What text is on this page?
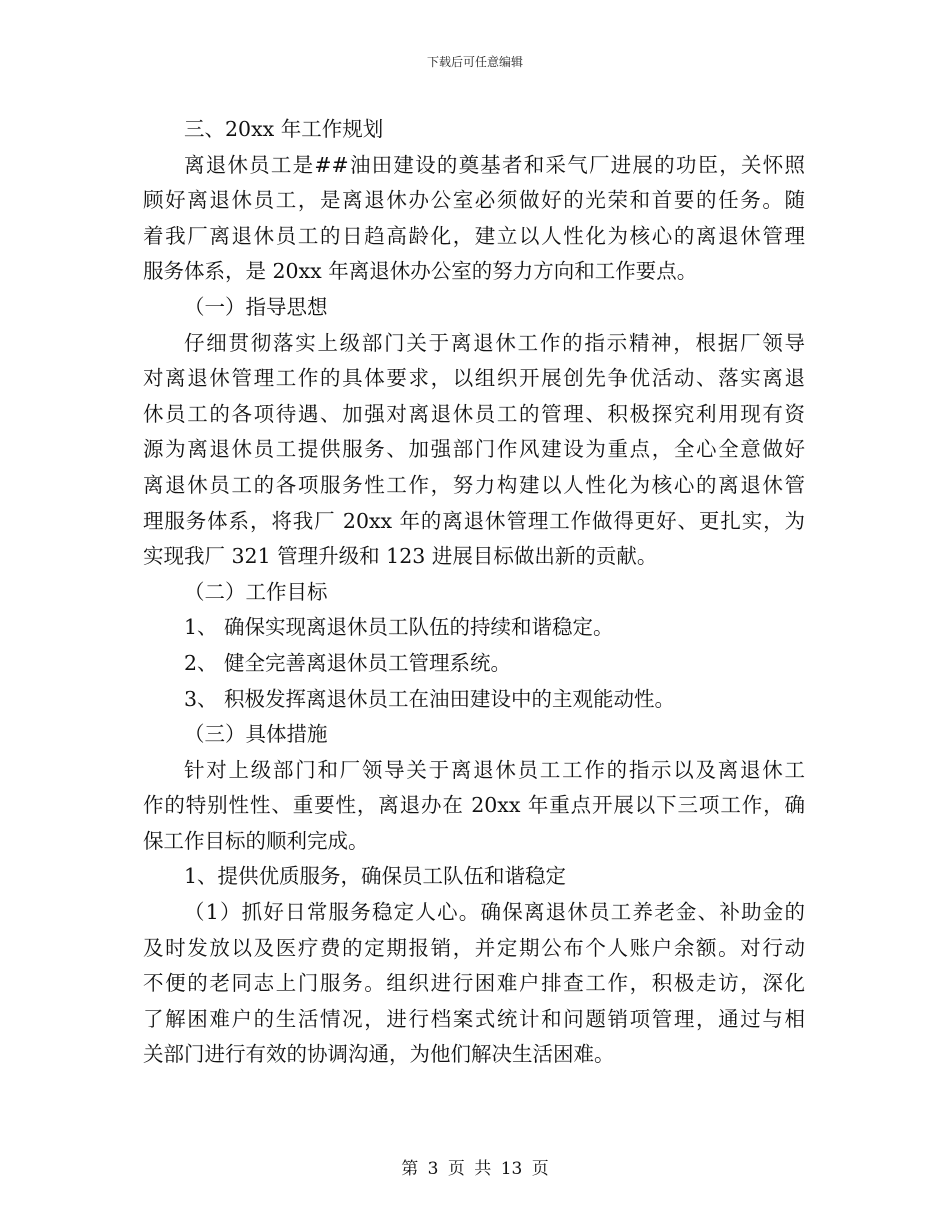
下载后可任意编辑
三、20xx 年工作规划
离退休员工是##油田建设的奠基者和采气厂进展的功臣，关怀照
顾好离退休员工，是离退休办公室必须做好的光荣和首要的任务。随
着我厂离退休员工的日趋高龄化，建立以人性化为核心的离退休管理
服务体系，是 20xx 年离退休办公室的努力方向和工作要点。
（一）指导思想
仔细贯彻落实上级部门关于离退休工作的指示精神，根据厂领导
对离退休管理工作的具体要求，以组织开展创先争优活动、落实离退
休员工的各项待遇、加强对离退休员工的管理、积极探究利用现有资
源为离退休员工提供服务、加强部门作风建设为重点，全心全意做好
离退休员工的各项服务性工作，努力构建以人性化为核心的离退休管
理服务体系，将我厂 20xx 年的离退休管理工作做得更好、更扎实，为
实现我厂 321 管理升级和 123 进展目标做出新的贡献。
（二）工作目标
1、 确保实现离退休员工队伍的持续和谐稳定。
2、 健全完善离退休员工管理系统。
3、 积极发挥离退休员工在油田建设中的主观能动性。
（三）具体措施
针对上级部门和厂领导关于离退休员工工作的指示以及离退休工
作的特别性性、重要性，离退办在 20xx 年重点开展以下三项工作，确
保工作目标的顺利完成。
1、提供优质服务，确保员工队伍和谐稳定
（1）抓好日常服务稳定人心。确保离退休员工养老金、补助金的
及时发放以及医疗费的定期报销，并定期公布个人账户余额。对行动
不便的老同志上门服务。组织进行困难户排查工作，积极走访，深化
了解困难户的生活情况，进行档案式统计和问题销项管理，通过与相
关部门进行有效的协调沟通，为他们解决生活困难。
第 3 页 共 13 页
